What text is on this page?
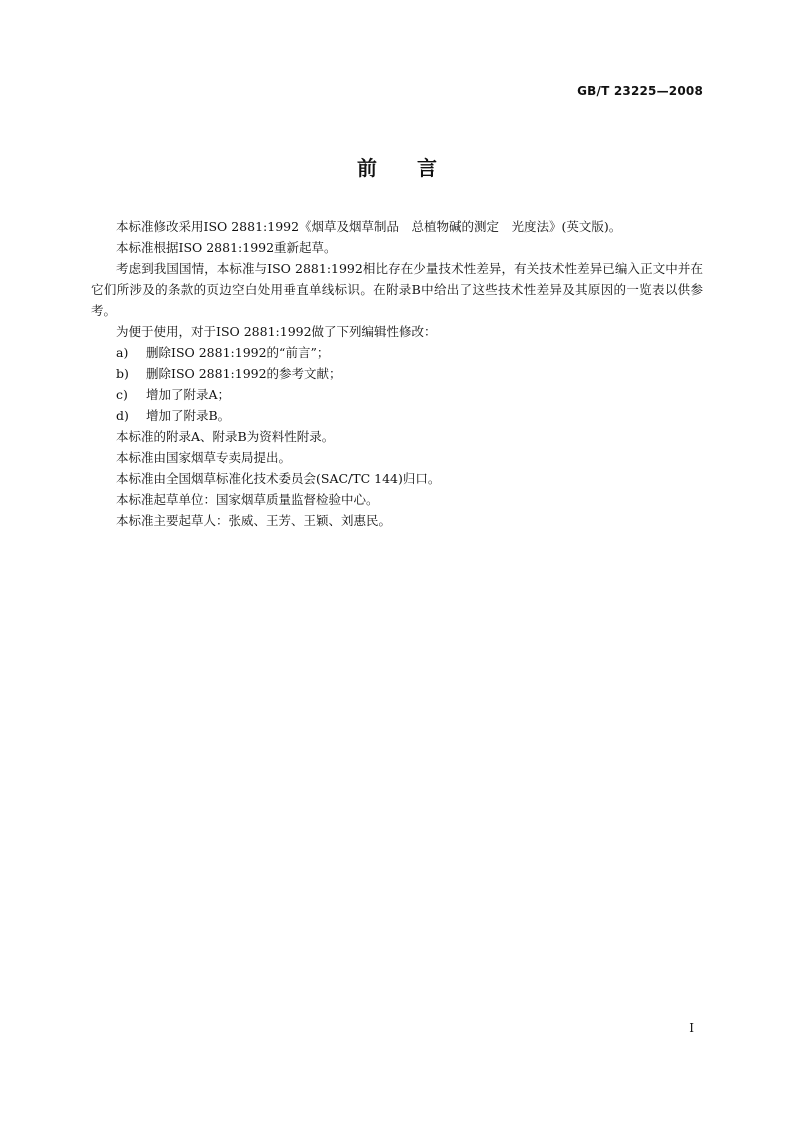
GB/T 23225—2008
前　　言

本标准修改采用ISO 2881:1992《烟草及烟草制品　总植物碱的测定　光度法》(英文版)。

本标准根据ISO 2881:1992重新起草。

考虑到我国国情，本标准与ISO 2881:1992相比存在少量技术性差异，有关技术性差异已编入正文中并在它们所涉及的条款的页边空白处用垂直单线标识。在附录B中给出了这些技术性差异及其原因的一览表以供参考。

为便于使用，对于ISO 2881:1992做了下列编辑性修改：

a) 删除ISO 2881:1992的“前言”；

b) 删除ISO 2881:1992的参考文献；

c) 增加了附录A；

d) 增加了附录B。

本标准的附录A、附录B为资料性附录。

本标准由国家烟草专卖局提出。

本标准由全国烟草标准化技术委员会(SAC/TC 144)归口。

本标准起草单位：国家烟草质量监督检验中心。

本标准主要起草人：张威、王芳、王颖、刘惠民。

I
